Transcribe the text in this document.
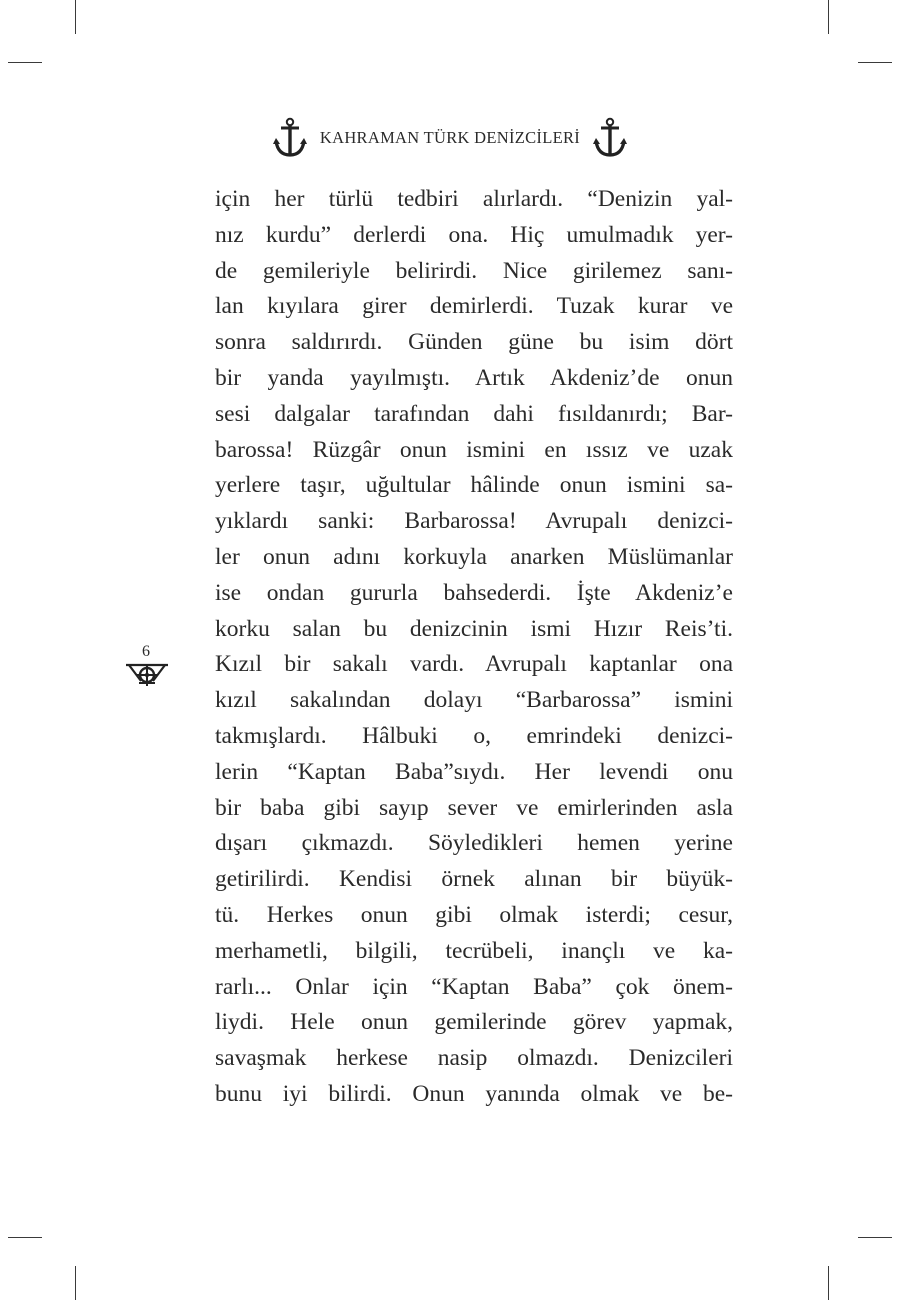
KAHRAMAN TÜRK DENİZCİLERİ
için her türlü tedbiri alırlardı. “Denizin yal-
nız kurdu” derlerdi ona. Hiç umulmadık yer-
de gemileriyle belirirdi. Nice girilemez sanı-
lan kıyılara girer demirlerdi. Tuzak kurar ve
sonra saldırırdı. Günden güne bu isim dört
bir yanda yayılmıştı. Artık Akdeniz’de onun
sesi dalgalar tarafından dahi fısıldanırdı; Bar-
barossa! Rüzgâr onun ismini en ıssız ve uzak
yerlere taşır, uğultular hâlinde onun ismini sa-
yıklardı sanki: Barbarossa! Avrupalı denizci-
ler onun adını korkuyla anarken Müslümanlar
ise ondan gururla bahsederdi. İşte Akdeniz’e
korku salan bu denizcinin ismi Hızır Reis’ti.
Kızıl bir sakalı vardı. Avrupalı kaptanlar ona
kızıl sakalından dolayı “Barbarossa” ismini
takmışlardı. Hâlbuki o, emrindeki denizci-
lerin “Kaptan Baba”sıydı. Her levendi onu
bir baba gibi sayıp sever ve emirlerinden asla
dışarı çıkmazdı. Söyledikleri hemen yerine
getirilirdi. Kendisi örnek alınan bir büyük-
tü. Herkes onun gibi olmak isterdi; cesur,
merhametli, bilgili, tecrübeli, inançlı ve ka-
rarlı... Onlar için “Kaptan Baba” çok önem-
liydi. Hele onun gemilerinde görev yapmak,
savaşmak herkese nasip olmazdı. Denizcileri
bunu iyi bilirdi. Onun yanında olmak ve be-
6
